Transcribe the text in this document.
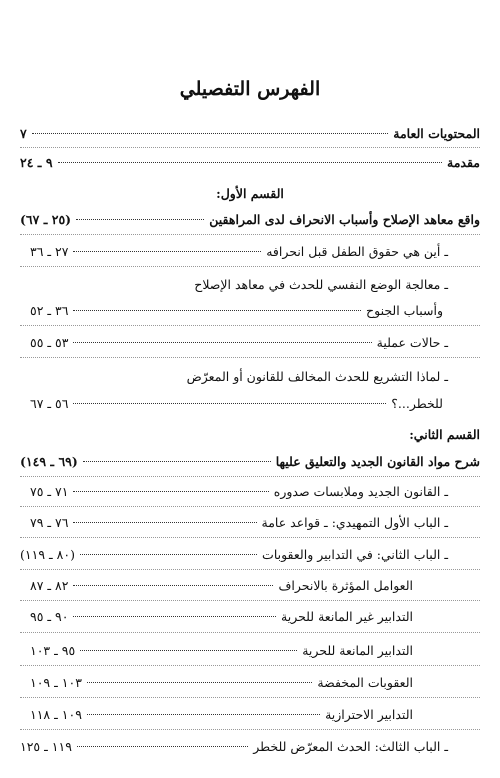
الفهرس التفصيلي
المحتويات العامة
٧
مقدمة
٩ ـ ٢٤
القسم الأول:
واقع معاهد الإصلاح وأسباب الانحراف لدى المراهقين
(٢٥ ـ ٦٧)
ـ أين هي حقوق الطفل قبل انحرافه
٢٧ ـ ٣٦
ـ معالجة الوضع النفسي للحدث في معاهد الإصلاح
وأسباب الجنوح
٣٦ ـ ٥٢
ـ حالات عملية
٥٣ ـ ٥٥
ـ لماذا التشريع للحدث المخالف للقانون أو المعرّض
للخطر...؟
٥٦ ـ ٦٧
القسم الثاني:
شرح مواد القانون الجديد والتعليق عليها
(٦٩ ـ ١٤٩)
ـ القانون الجديد وملابسات صدوره
٧١ ـ ٧٥
ـ الباب الأول التمهيدي: ـ قواعد عامة
٧٦ ـ ٧٩
ـ الباب الثاني: في التدابير والعقوبات
(٨٠ ـ ١١٩)
العوامل المؤثرة بالانحراف
٨٢ ـ ٨٧
التدابير غير المانعة للحرية
٩٠ ـ ٩٥
التدابير المانعة للحرية
٩٥ ـ ١٠٣
العقوبات المخفضة
١٠٣ ـ ١٠٩
التدابير الاحترازية
١٠٩ ـ ١١٨
ـ الباب الثالث: الحدث المعرّض للخطر
١١٩ ـ ١٢٥
